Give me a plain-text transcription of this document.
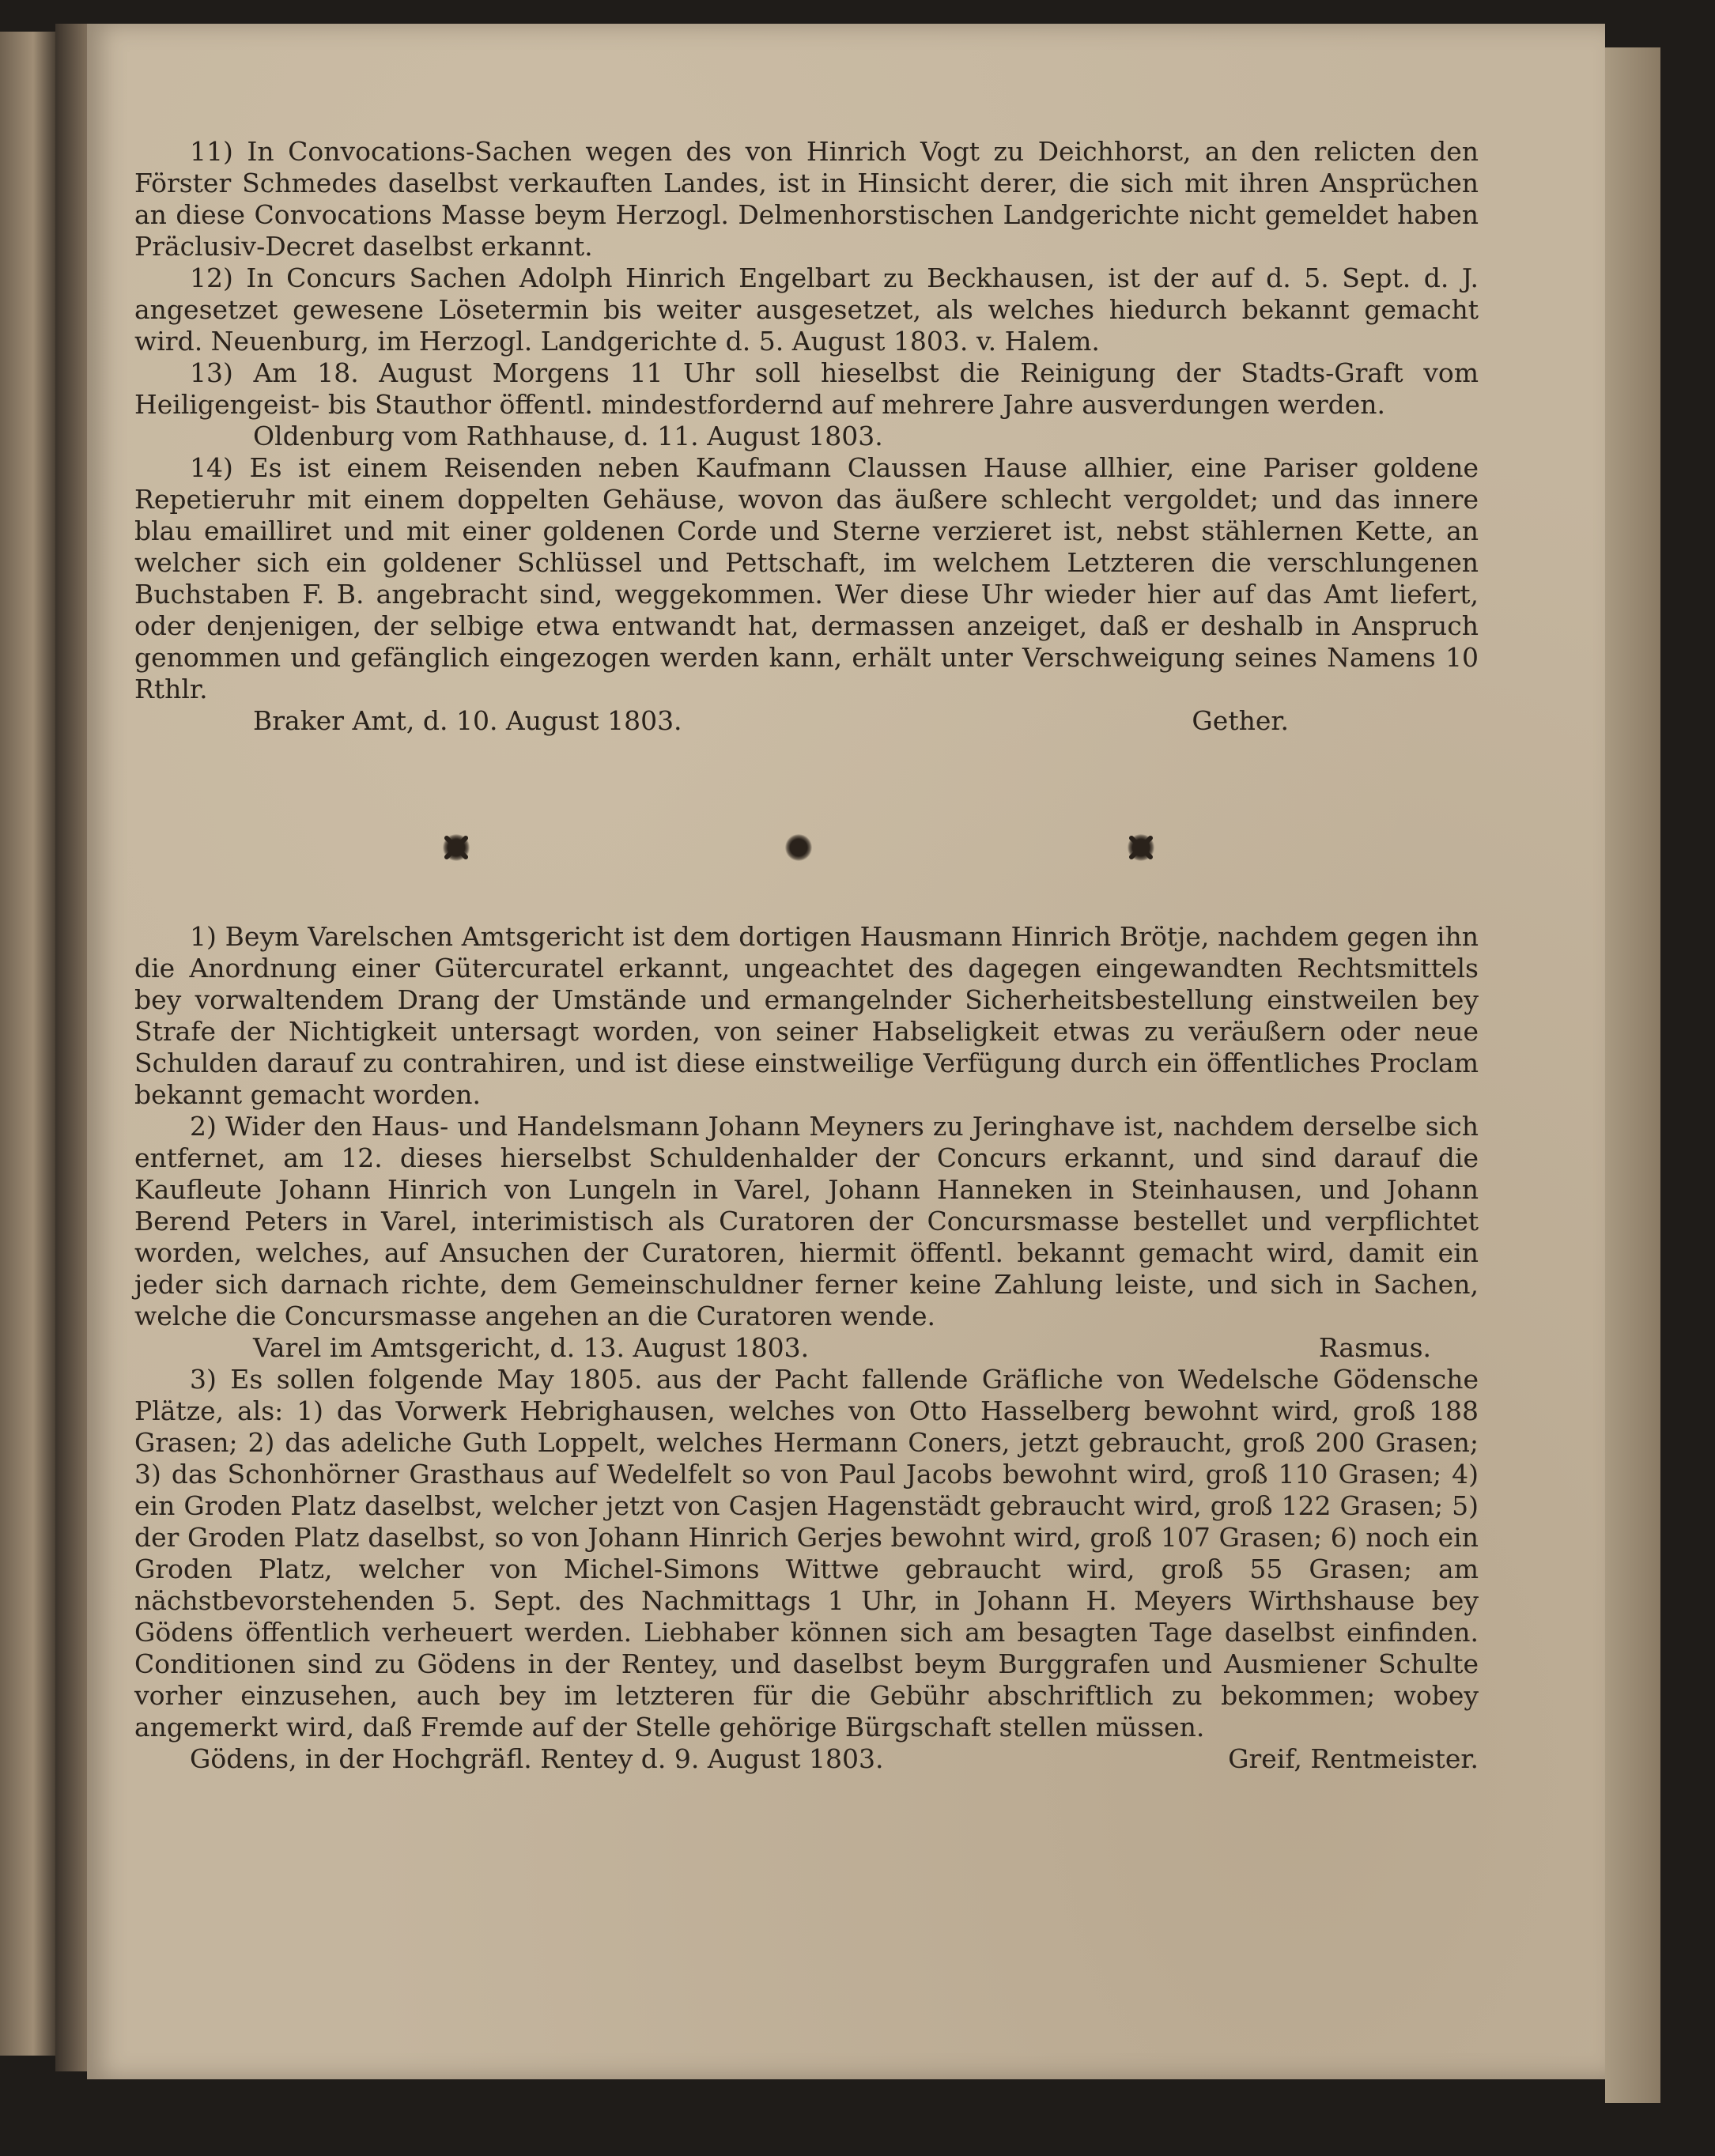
11) In Convocations-Sachen wegen des von Hinrich Vogt zu Deichhorst, an den relicten den Förster Schmedes daselbst verkauften Landes, ist in Hinsicht derer, die sich mit ihren Ansprüchen an diese Convocations Masse beym Herzogl. Delmenhorstischen Landgerichte nicht gemeldet haben Präclusiv-Decret daselbst erkannt.

12) In Concurs Sachen Adolph Hinrich Engelbart zu Beckhausen, ist der auf d. 5. Sept. d. J. angesetzet gewesene Lösetermin bis weiter ausgesetzet, als welches hiedurch bekannt gemacht wird. Neuenburg, im Herzogl. Landgerichte d. 5. August 1803. v. Halem.

13) Am 18. August Morgens 11 Uhr soll hieselbst die Reinigung der Stadts-Graft vom Heiligengeist- bis Stauthor öffentl. mindestfordernd auf mehrere Jahre ausverdungen werden.

Oldenburg vom Rathhause, d. 11. August 1803.

14) Es ist einem Reisenden neben Kaufmann Claussen Hause allhier, eine Pariser goldene Repetieruhr mit einem doppelten Gehäuse, wovon das äußere schlecht vergoldet; und das innere blau emailliret und mit einer goldenen Corde und Sterne verzieret ist, nebst stählernen Kette, an welcher sich ein goldener Schlüssel und Pettschaft, im welchem Letzteren die verschlungenen Buchstaben F. B. angebracht sind, weggekommen. Wer diese Uhr wieder hier auf das Amt liefert, oder denjenigen, der selbige etwa entwandt hat, dermassen anzeiget, daß er deshalb in Anspruch genommen und gefänglich eingezogen werden kann, erhält unter Verschweigung seines Namens 10 Rthlr.

Braker Amt, d. 10. August 1803.	Gether.

1) Beym Varelschen Amtsgericht ist dem dortigen Hausmann Hinrich Brötje, nachdem gegen ihn die Anordnung einer Gütercuratel erkannt, ungeachtet des dagegen eingewandten Rechtsmittels bey vorwaltendem Drang der Umstände und ermangelnder Sicherheitsbestellung einstweilen bey Strafe der Nichtigkeit untersagt worden, von seiner Habseligkeit etwas zu veräußern oder neue Schulden darauf zu contrahiren, und ist diese einstweilige Verfügung durch ein öffentliches Proclam bekannt gemacht worden.

2) Wider den Haus- und Handelsmann Johann Meyners zu Jeringhave ist, nachdem derselbe sich entfernet, am 12. dieses hierselbst Schuldenhalder der Concurs erkannt, und sind darauf die Kaufleute Johann Hinrich von Lungeln in Varel, Johann Hanneken in Steinhausen, und Johann Berend Peters in Varel, interimistisch als Curatoren der Concursmasse bestellet und verpflichtet worden, welches, auf Ansuchen der Curatoren, hiermit öffentl. bekannt gemacht wird, damit ein jeder sich darnach richte, dem Gemeinschuldner ferner keine Zahlung leiste, und sich in Sachen, welche die Concursmasse angehen an die Curatoren wende.

Varel im Amtsgericht, d. 13. August 1803.	Rasmus.

3) Es sollen folgende May 1805. aus der Pacht fallende Gräfliche von Wedelsche Gödensche Plätze, als: 1) das Vorwerk Hebrighausen, welches von Otto Hasselberg bewohnt wird, groß 188 Grasen; 2) das adeliche Guth Loppelt, welches Hermann Coners, jetzt gebraucht, groß 200 Grasen; 3) das Schonhörner Grasthaus auf Wedelfelt so von Paul Jacobs bewohnt wird, groß 110 Grasen; 4) ein Groden Platz daselbst, welcher jetzt von Casjen Hagenstädt gebraucht wird, groß 122 Grasen; 5) der Groden Platz daselbst, so von Johann Hinrich Gerjes bewohnt wird, groß 107 Grasen; 6) noch ein Groden Platz, welcher von Michel-Simons Wittwe gebraucht wird, groß 55 Grasen; am nächstbevorstehenden 5. Sept. des Nachmittags 1 Uhr, in Johann H. Meyers Wirthshause bey Gödens öffentlich verheuert werden. Liebhaber können sich am besagten Tage daselbst einfinden. Conditionen sind zu Gödens in der Rentey, und daselbst beym Burggrafen und Ausmiener Schulte vorher einzusehen, auch bey im letzteren für die Gebühr abschriftlich zu bekommen; wobey angemerkt wird, daß Fremde auf der Stelle gehörige Bürgschaft stellen müssen.

Gödens, in der Hochgräfl. Rentey d. 9. August 1803.	Greif, Rentmeister.
